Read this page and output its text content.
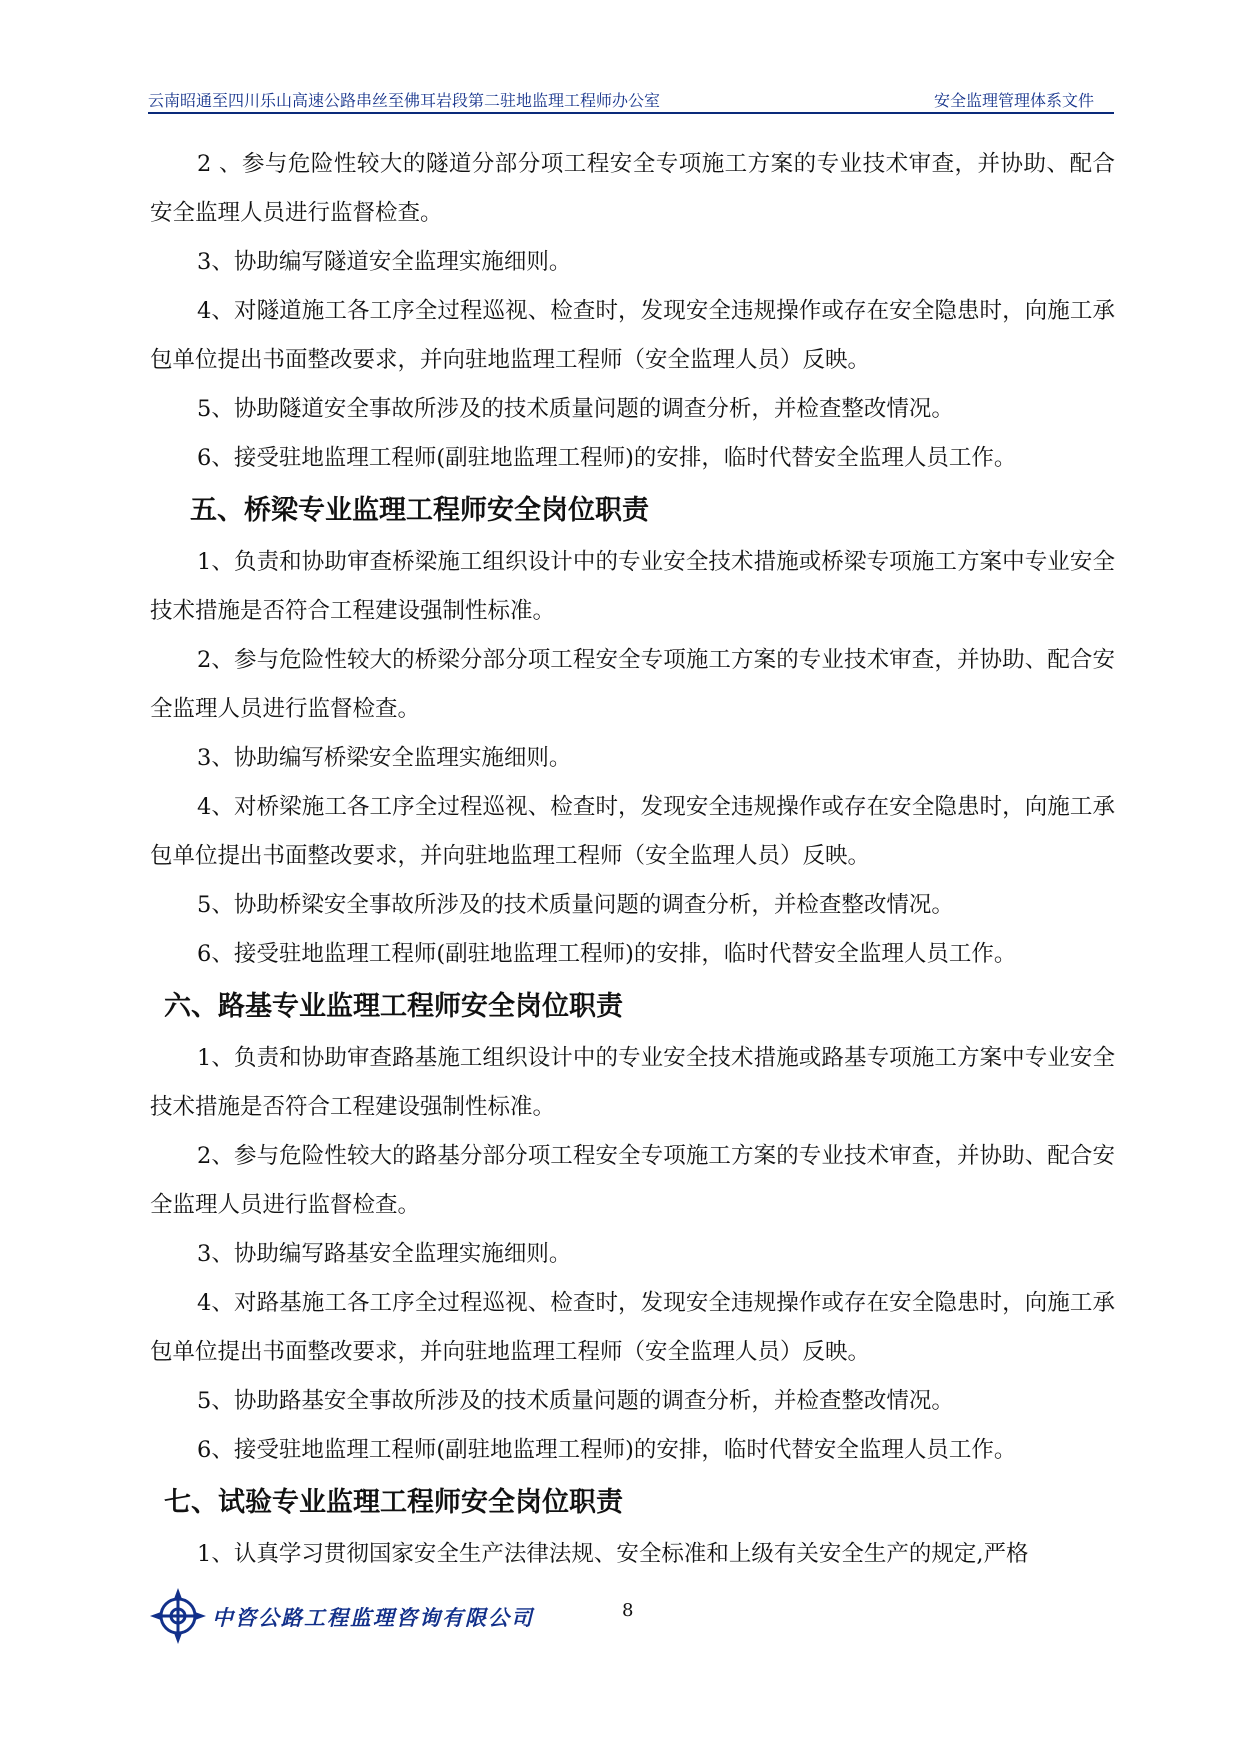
云南昭通至四川乐山高速公路串丝至佛耳岩段第二驻地监理工程师办公室	安全监理管理体系文件

2 、参与危险性较大的隧道分部分项工程安全专项施工方案的专业技术审查，并协助、配合安全监理人员进行监督检查。

3、协助编写隧道安全监理实施细则。

4、对隧道施工各工序全过程巡视、检查时，发现安全违规操作或存在安全隐患时，向施工承包单位提出书面整改要求，并向驻地监理工程师（安全监理人员）反映。

5、协助隧道安全事故所涉及的技术质量问题的调查分析，并检查整改情况。

6、接受驻地监理工程师(副驻地监理工程师)的安排，临时代替安全监理人员工作。

五、桥梁专业监理工程师安全岗位职责

1、负责和协助审查桥梁施工组织设计中的专业安全技术措施或桥梁专项施工方案中专业安全技术措施是否符合工程建设强制性标准。

2、参与危险性较大的桥梁分部分项工程安全专项施工方案的专业技术审查，并协助、配合安全监理人员进行监督检查。

3、协助编写桥梁安全监理实施细则。

4、对桥梁施工各工序全过程巡视、检查时，发现安全违规操作或存在安全隐患时，向施工承包单位提出书面整改要求，并向驻地监理工程师（安全监理人员）反映。

5、协助桥梁安全事故所涉及的技术质量问题的调查分析，并检查整改情况。

6、接受驻地监理工程师(副驻地监理工程师)的安排，临时代替安全监理人员工作。

六、路基专业监理工程师安全岗位职责

1、负责和协助审查路基施工组织设计中的专业安全技术措施或路基专项施工方案中专业安全技术措施是否符合工程建设强制性标准。

2、参与危险性较大的路基分部分项工程安全专项施工方案的专业技术审查，并协助、配合安全监理人员进行监督检查。

3、协助编写路基安全监理实施细则。

4、对路基施工各工序全过程巡视、检查时，发现安全违规操作或存在安全隐患时，向施工承包单位提出书面整改要求，并向驻地监理工程师（安全监理人员）反映。

5、协助路基安全事故所涉及的技术质量问题的调查分析，并检查整改情况。

6、接受驻地监理工程师(副驻地监理工程师)的安排，临时代替安全监理人员工作。

七、试验专业监理工程师安全岗位职责

1、认真学习贯彻国家安全生产法律法规、安全标准和上级有关安全生产的规定,严格

中咨公路工程监理咨询有限公司	8
